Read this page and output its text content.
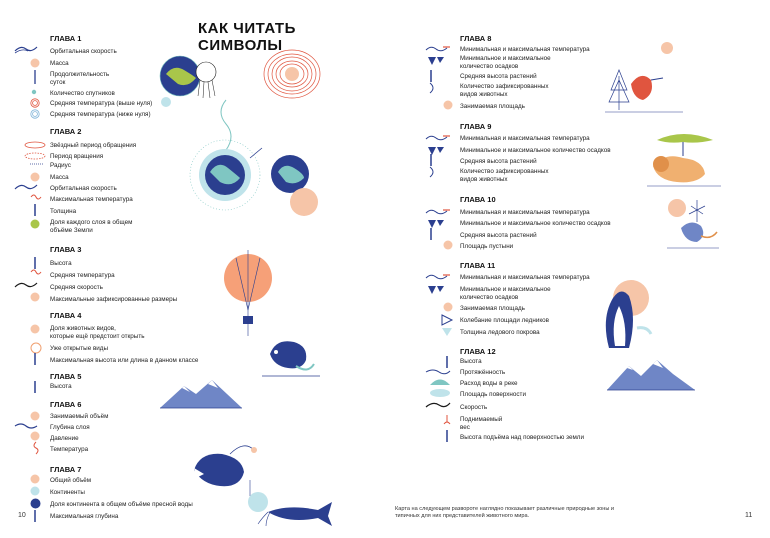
КАК ЧИТАТЬ СИМВОЛЫ
ГЛАВА 1
Орбитальная скорость
Масса
Продолжительность
суток
Количество спутников
Средняя температура (выше нуля)
Средняя температура (ниже нуля)
ГЛАВА 2
Звёздный период обращения
Период вращения
Радиус
Масса
Орбитальная скорость
Максимальная температура
Толщина
Доля каждого слоя в общем
объёме Земли
ГЛАВА 3
Высота
Средняя температура
Средняя скорость
Максимальные зафиксированные размеры
ГЛАВА 4
Доля животных видов,
которые ещё предстоит открыть
Уже открытые виды
Максимальная высота или длина в данном классе
ГЛАВА 5
Высота
ГЛАВА 6
Занимаемый объём
Глубина слоя
Давление
Температура
ГЛАВА 7
Общий объём
Континенты
Доля континента в общем объёме пресной воды
Максимальная глубина
10
ГЛАВА 8
Минимальная и максимальная температура
Минимальное и максимальное
количество осадков
Средняя высота растений
Количество зафиксированных
видов животных
Занимаемая площадь
ГЛАВА 9
Минимальная и максимальная температура
Минимальное и максимальное количество осадков
Средняя высота растений
Количество зафиксированных
видов животных
ГЛАВА 10
Минимальная и максимальная температура
Минимальное и максимальное количество осадков
Средняя высота растений
Площадь пустыни
ГЛАВА 11
Минимальная и максимальная температура
Минимальное и максимальное
количество осадков
Занимаемая площадь
Колебание площади ледников
Толщина ледового покрова
ГЛАВА 12
Высота
Протяжённость
Расход воды в реке
Площадь поверхности
Скорость
Поднимаемый
вес
Высота подъёма над поверхностью земли
11
Карта на следующем развороте наглядно показывает различные природные зоны и типичных для них представителей животного мира.
